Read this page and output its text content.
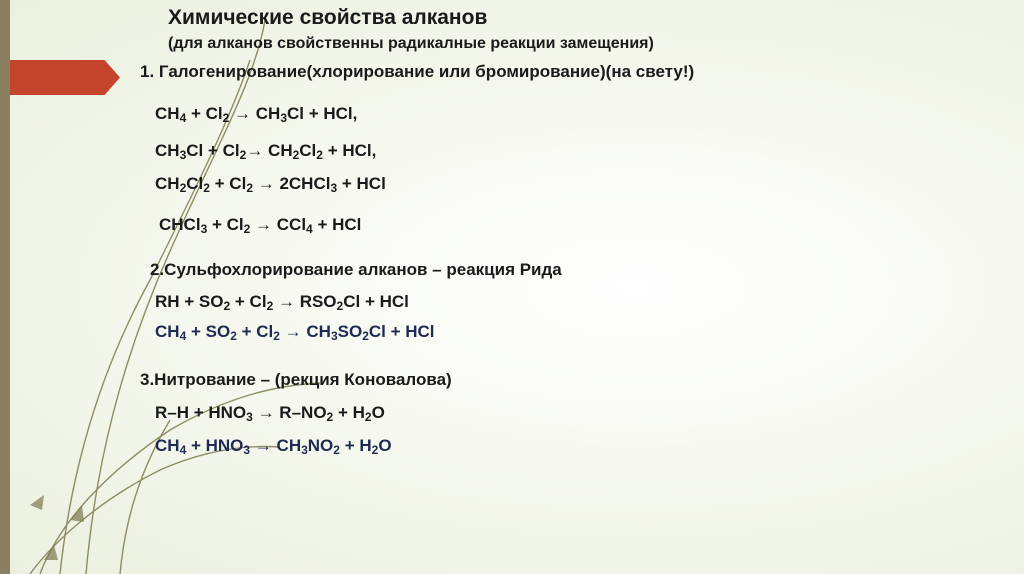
Химические свойства алканов
(для алканов свойственны радикалные реакции замещения)
1. Галогенирование(хлорирование или бромирование)(на свету!)
$CH_4 + Cl_2 \to CH_3Cl$ + HCl,
$CH_3Cl + Cl_2\to CH_2Cl_2$ + HCl,
$CH_2Cl_2 + Cl_2$ → 2CHCl$_3$ + HCl
CHCl$_3$ + $Cl_2 \to CCl_4$ + HCl
2.Сульфохлорирование алканов – реакция Рида
RH + $SO_2 + Cl_2 \to RSO_2Cl$ + HCl
$CH_4 + SO_2 + Cl_2 \to CH_3SO_2Cl$ + HCl
3.Нитрование – (рекция Коновалова)
$R-H + HNO_3 \to R-NO_2 + H_2O$
$CH_4 + HNO_3 \to CH_3NO_2 + H_2O$
